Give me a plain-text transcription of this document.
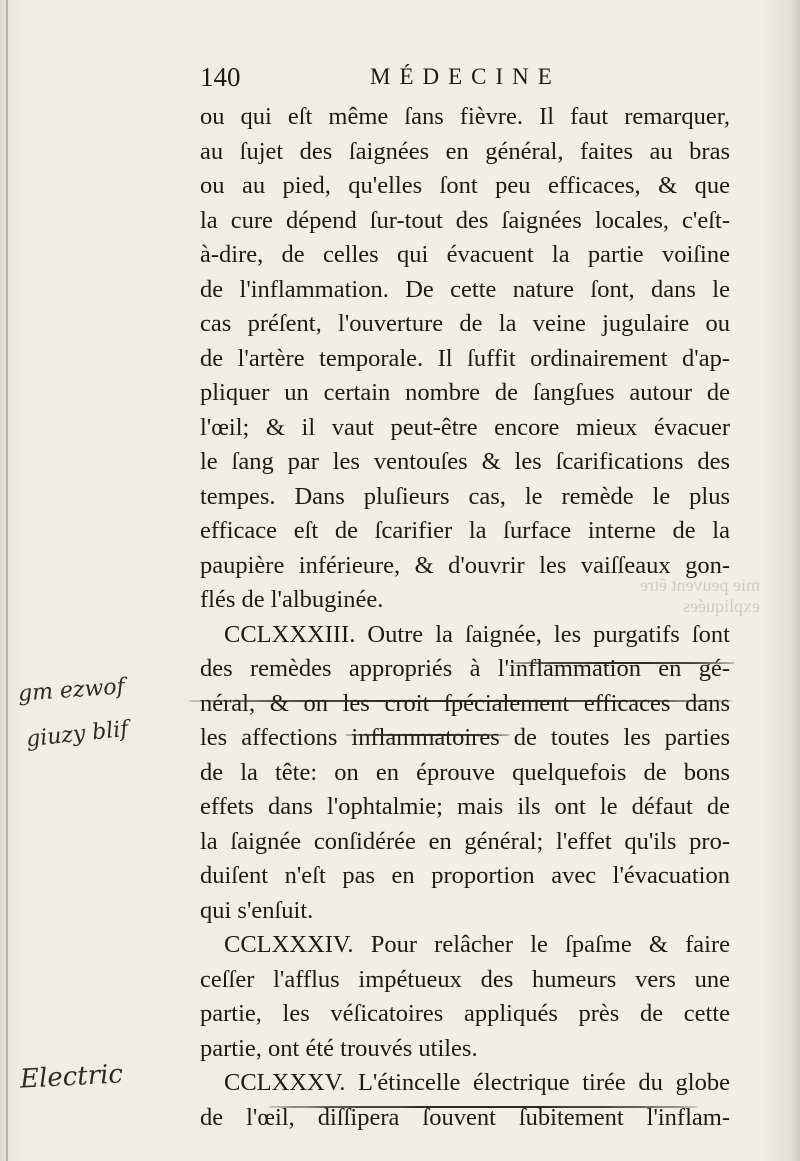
140	MÉDECINE
mie peuvent être expliquées
ou qui eſt même ſans fièvre. Il faut remarquer,
au ſujet des ſaignées en général, faites au bras
ou au pied, qu'elles ſont peu efficaces, & que
la cure dépend ſur-tout des ſaignées locales, c'eſt-
à-dire, de celles qui évacuent la partie voiſine
de l'inflammation. De cette nature ſont, dans le
cas préſent, l'ouverture de la veine jugulaire ou
de l'artère temporale. Il ſuffit ordinairement d'ap-
pliquer un certain nombre de ſangſues autour de
l'œil; & il vaut peut-être encore mieux évacuer
le ſang par les ventouſes & les ſcarifications des
tempes. Dans pluſieurs cas, le remède le plus
efficace eſt de ſcarifier la ſurface interne de la
paupière inférieure, & d'ouvrir les vaiſſeaux gon-
flés de l'albuginée.
CCLXXXIII. Outre la ſaignée, les purgatifs ſont
des remèdes appropriés à l'inflammation en gé-
néral, & on les croit ſpécialement efficaces dans
les affections inflammatoires de toutes les parties
de la tête: on en éprouve quelquefois de bons
effets dans l'ophtalmie; mais ils ont le défaut de
la ſaignée conſidérée en général; l'effet qu'ils pro-
duiſent n'eſt pas en proportion avec l'évacuation
qui s'enſuit.
CCLXXXIV. Pour relâcher le ſpaſme & faire
ceſſer l'afflus impétueux des humeurs vers une
partie, les véſicatoires appliqués près de cette
partie, ont été trouvés utiles.
CCLXXXV. L'étincelle électrique tirée du globe
de l'œil, diſſipera ſouvent ſubitement l'inflam-
gm ezwof
giuzy blif
Electric
